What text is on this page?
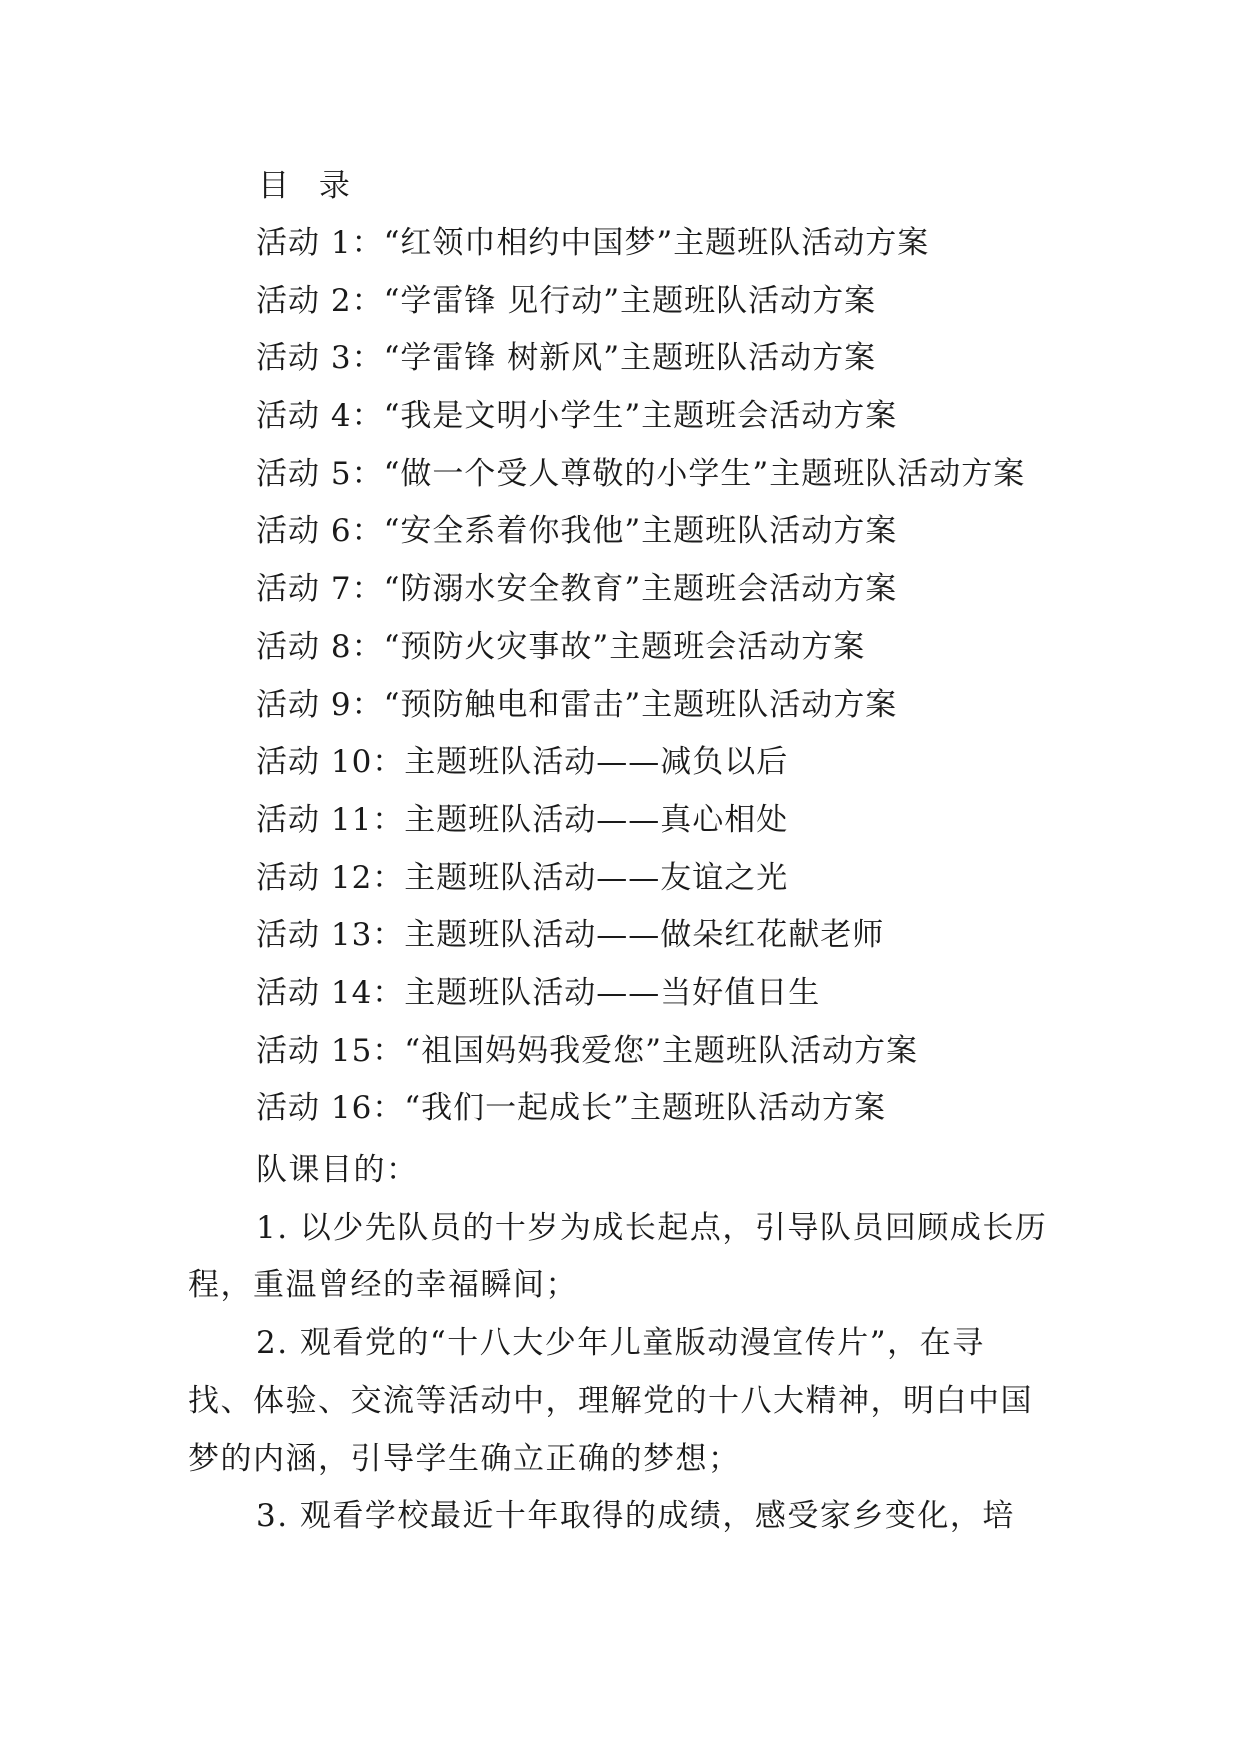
目 录
活动 1：“红领巾相约中国梦”主题班队活动方案
活动 2：“学雷锋 见行动”主题班队活动方案
活动 3：“学雷锋 树新风”主题班队活动方案
活动 4：“我是文明小学生”主题班会活动方案
活动 5：“做一个受人尊敬的小学生”主题班队活动方案
活动 6：“安全系着你我他”主题班队活动方案
活动 7：“防溺水安全教育”主题班会活动方案
活动 8：“预防火灾事故”主题班会活动方案
活动 9：“预防触电和雷击”主题班队活动方案
活动 10：主题班队活动——减负以后
活动 11：主题班队活动——真心相处
活动 12：主题班队活动——友谊之光
活动 13：主题班队活动——做朵红花献老师
活动 14：主题班队活动——当好值日生
活动 15：“祖国妈妈我爱您”主题班队活动方案
活动 16：“我们一起成长”主题班队活动方案

队课目的：

1. 以少先队员的十岁为成长起点，引导队员回顾成长历程，重温曾经的幸福瞬间；

2. 观看党的“十八大少年儿童版动漫宣传片”，在寻找、体验、交流等活动中，理解党的十八大精神，明白中国梦的内涵，引导学生确立正确的梦想；

3. 观看学校最近十年取得的成绩，感受家乡变化，培
